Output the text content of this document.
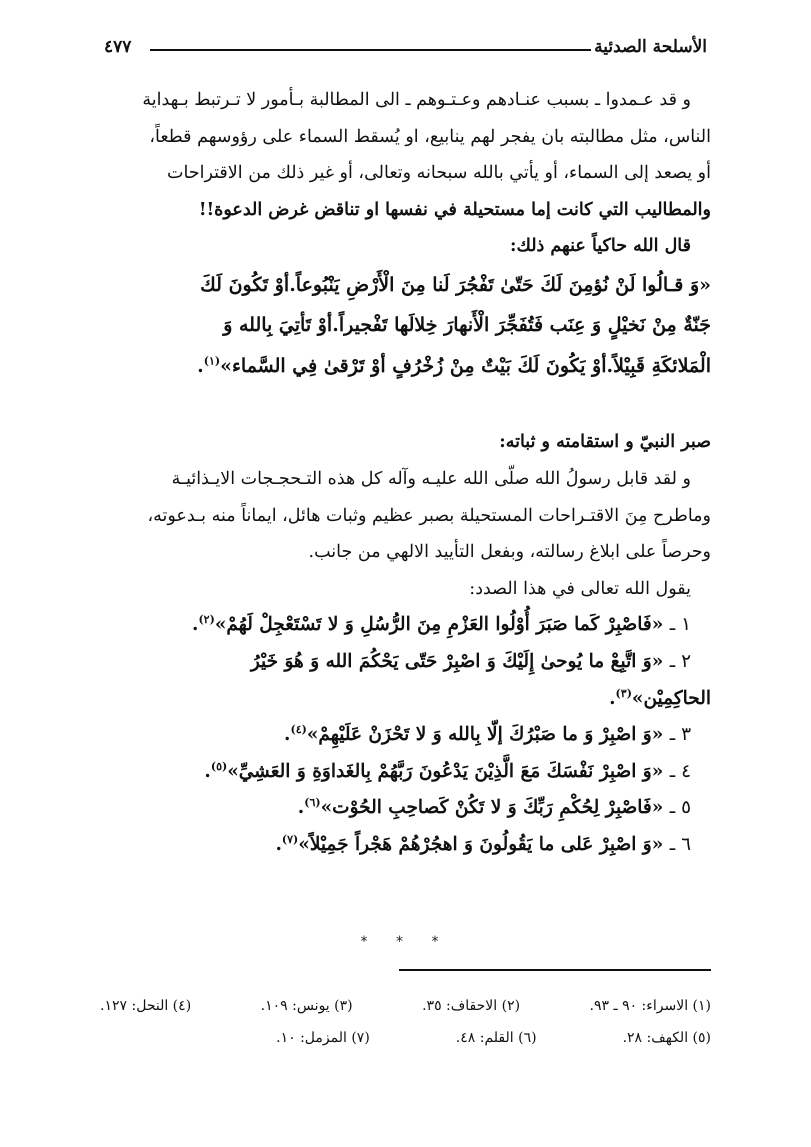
الأسلحة الصدئية
٤٧٧

و قد عـمدوا ـ بسبب عنـادهم وعـتـوهم ـ الى المطالبة بـأمور لا تـرتبط بـهداية

الناس، مثل مطالبته بان يفجر لهم ينابيع، او يُسقط السماء على رؤوسهم قطعاً،

أو يصعد إلى السماء، أو يأتي بالله سبحانه وتعالى، أو غير ذلك من الاقتراحات

والمطاليب التي كانت إما مستحيلة في نفسها او تناقض غرض الدعوة!!

قال الله حاكياً عنهم ذلك:

«وَ قـالُوا لَنْ نُؤمِنَ لَكَ حَتّىٰ تَفْجُرَ لَنا مِنَ الْأَرْضِ يَنْبُوعاً.أوْ تَكُونَ لَكَ

جَنّةٌ مِنْ نَخيْلٍ وَ عِنَب فَتُفَجِّرَ الْأَنهارَ خِلالَها تَفْجيراً.أوْ تَأتِيَ بِالله وَ

الْمَلائكَةِ قَبِيْلاً.أوْ يَكُونَ لَكَ بَيْتٌ مِنْ زُخْرُفٍ أوْ تَرْقىٰ فِي السَّماء»$^{(١)}$.

صبر النبيّ و استقامته و ثباته:

و لقد قابل رسولُ الله صلّى الله عليـه وآله كل هذه التـحجـجات الايـذائيـة

وماطرح مِنَ الاقتـراحات المستحيلة بصبر عظيم وثبات هائل، ايماناً منه بـدعوته،

وحرصاً على ابلاغ رسالته، وبفعل التأييد الالهي من جانب.

يقول الله تعالى في هذا الصدد:

١ ـ «فَاصْبِرْ كَما صَبَرَ أُوْلُوا العَزْمِ مِنَ الرُّسُلِ وَ لا تَسْتَعْجِلْ لَهُمْ»$^{(٢)}$.

٢ ـ «وَ اتَّبِعْ ما يُوحىٰ إِلَيْكَ وَ اصْبِرْ حَتّى يَحْكُمَ الله وَ هُوَ خَيْرُ

الحاكِمِيْن»$^{(٣)}$.

٣ ـ «وَ اصْبِرْ وَ ما صَبْرُكَ إلّا بِالله وَ لا تَحْزَنْ عَلَيْهِمْ»$^{(٤)}$.

٤ ـ «وَ اصْبِرْ نَفْسَكَ مَعَ الَّذِيْنَ يَدْعُونَ رَبَّهُمْ بِالغَداوَةِ وَ العَشِيِّ»$^{(٥)}$.

٥ ـ «فَاصْبِرْ لِحُكْمِ رَبِّكَ وَ لا تَكُنْ كَصاحِبِ الحُوْت»$^{(٦)}$.

٦ ـ «وَ اصْبِرْ عَلى ما يَقُولُونَ وَ اهجُرْهُمْ هَجْراً جَمِيْلاً»$^{(٧)}$.

* * *
(١) الاسراء: ٩٠ ـ ٩٣.
(٢) الاحقاف: ٣٥.
(٣) يونس: ١٠٩.
(٤) النحل: ١٢٧.
(٥) الكهف: ٢٨.
(٦) القلم: ٤٨.
(٧) المزمل: ١٠.
